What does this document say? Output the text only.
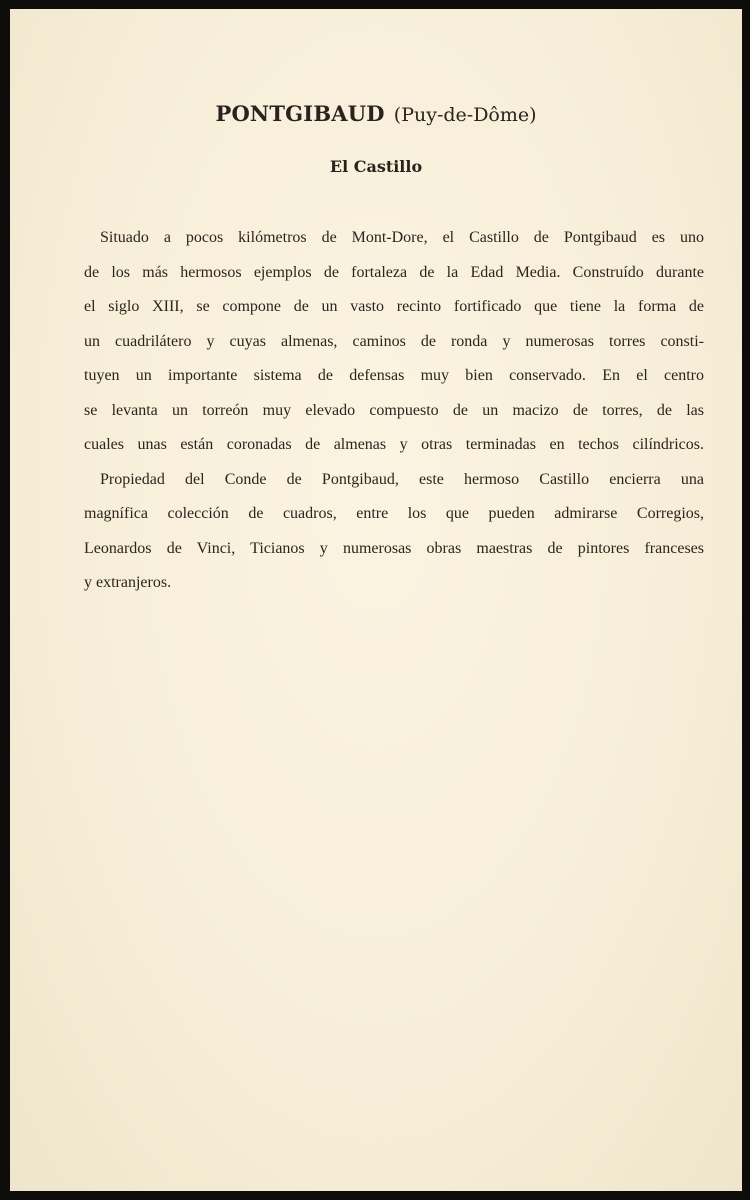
PONTGIBAUD (Puy-de-Dôme)
El Castillo
Situado a pocos kilómetros de Mont-Dore, el Castillo de Pontgibaud es uno
de los más hermosos ejemplos de fortaleza de la Edad Media. Construído durante
el siglo XIII, se compone de un vasto recinto fortificado que tiene la forma de
un cuadrilátero y cuyas almenas, caminos de ronda y numerosas torres consti-
tuyen un importante sistema de defensas muy bien conservado. En el centro
se levanta un torreón muy elevado compuesto de un macizo de torres, de las
cuales unas están coronadas de almenas y otras terminadas en techos cilíndricos.
Propiedad del Conde de Pontgibaud, este hermoso Castillo encierra una
magnífica colección de cuadros, entre los que pueden admirarse Corregios,
Leonardos de Vinci, Ticianos y numerosas obras maestras de pintores franceses
y extranjeros.
